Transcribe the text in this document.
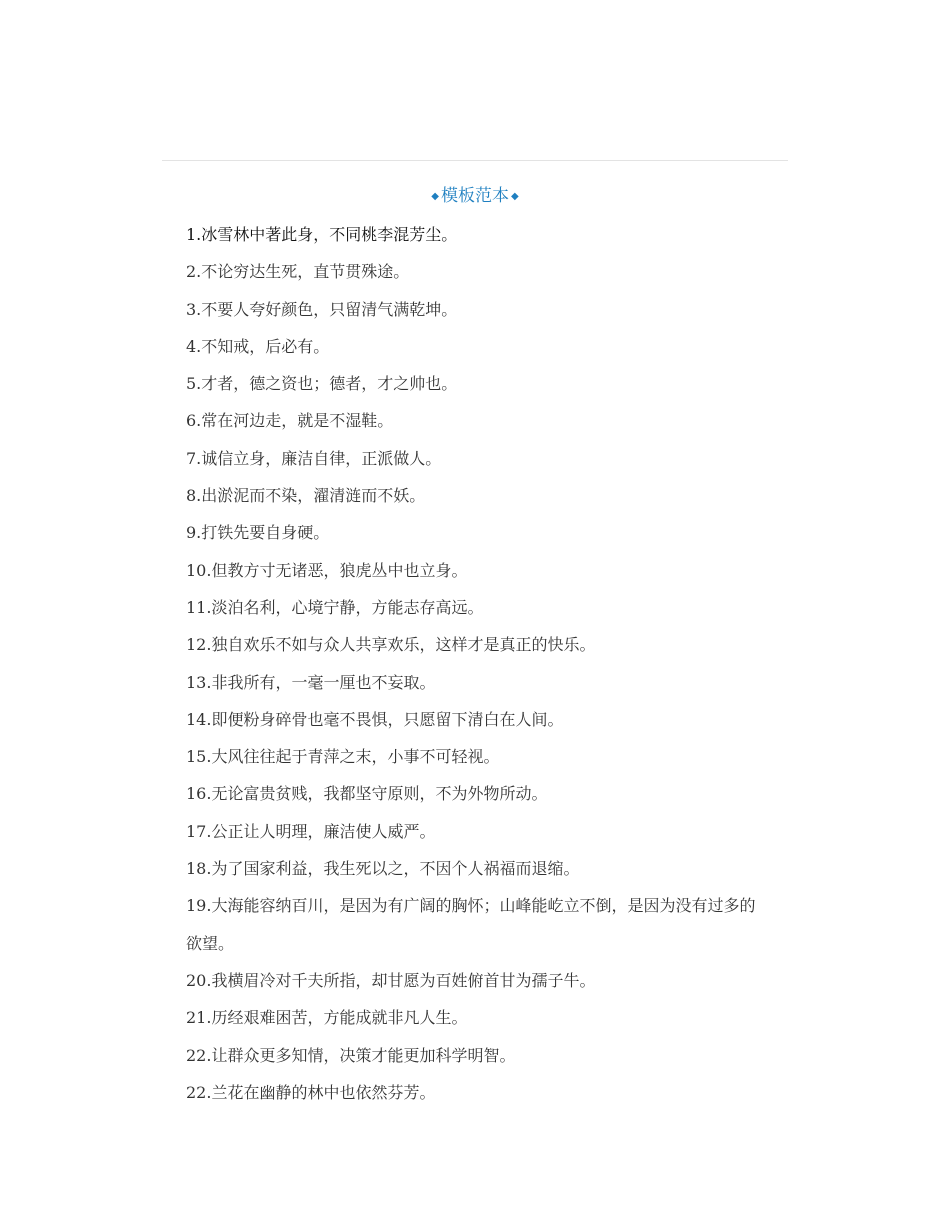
◆ 模板范本 ◆
1.冰雪林中著此身，不同桃李混芳尘。
2.不论穷达生死，直节贯殊途。
3.不要人夸好颜色，只留清气满乾坤。
4.不知戒，后必有。
5.才者，德之资也；德者，才之帅也。
6.常在河边走，就是不湿鞋。
7.诚信立身，廉洁自律，正派做人。
8.出淤泥而不染，濯清涟而不妖。
9.打铁先要自身硬。
10.但教方寸无诸恶，狼虎丛中也立身。
11.淡泊名利，心境宁静，方能志存高远。
12.独自欢乐不如与众人共享欢乐，这样才是真正的快乐。
13.非我所有，一毫一厘也不妄取。
14.即便粉身碎骨也毫不畏惧，只愿留下清白在人间。
15.大风往往起于青萍之末，小事不可轻视。
16.无论富贵贫贱，我都坚守原则，不为外物所动。
17.公正让人明理，廉洁使人威严。
18.为了国家利益，我生死以之，不因个人祸福而退缩。
19.大海能容纳百川，是因为有广阔的胸怀；山峰能屹立不倒，是因为没有过多的欲望。
20.我横眉冷对千夫所指，却甘愿为百姓俯首甘为孺子牛。
21.历经艰难困苦，方能成就非凡人生。
22.让群众更多知情，决策才能更加科学明智。
22.兰花在幽静的林中也依然芬芳。
